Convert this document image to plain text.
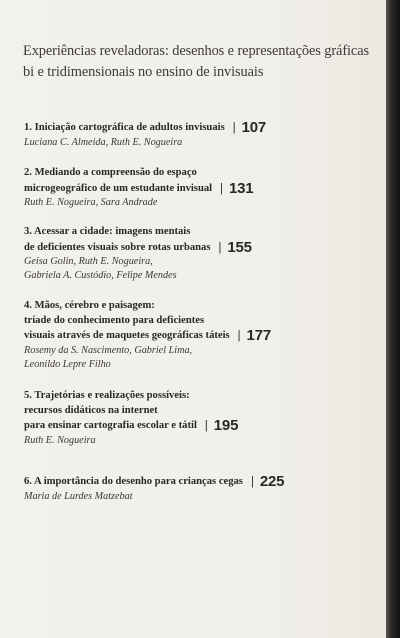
Experiências reveladoras: desenhos e representações gráficas bi e tridimensionais no ensino de invisuais

1. Iniciação cartográfica de adultos invisuais | 107

Luciana C. Almeida, Ruth E. Nogueira

2. Mediando a compreensão do espaço
microgeográfico de um estudante invisual | 131

Ruth E. Nogueira, Sara Andrade

3. Acessar a cidade: imagens mentais
de deficientes visuais sobre rotas urbanas | 155

Geisa Golin, Ruth E. Nogueira,
Gabriela A. Custódio, Felipe Mendes

4. Mãos, cérebro e paisagem:
tríade do conhecimento para deficientes
visuais através de maquetes geográficas táteis | 177

Rosemy da S. Nascimento, Gabriel Lima,
Leonildo Lepre Filho

5. Trajetórias e realizações possíveis:
recursos didáticos na internet
para ensinar cartografia escolar e tátil | 195

Ruth E. Nogueira

6. A importância do desenho para crianças cegas | 225

Maria de Lurdes Matzebat
